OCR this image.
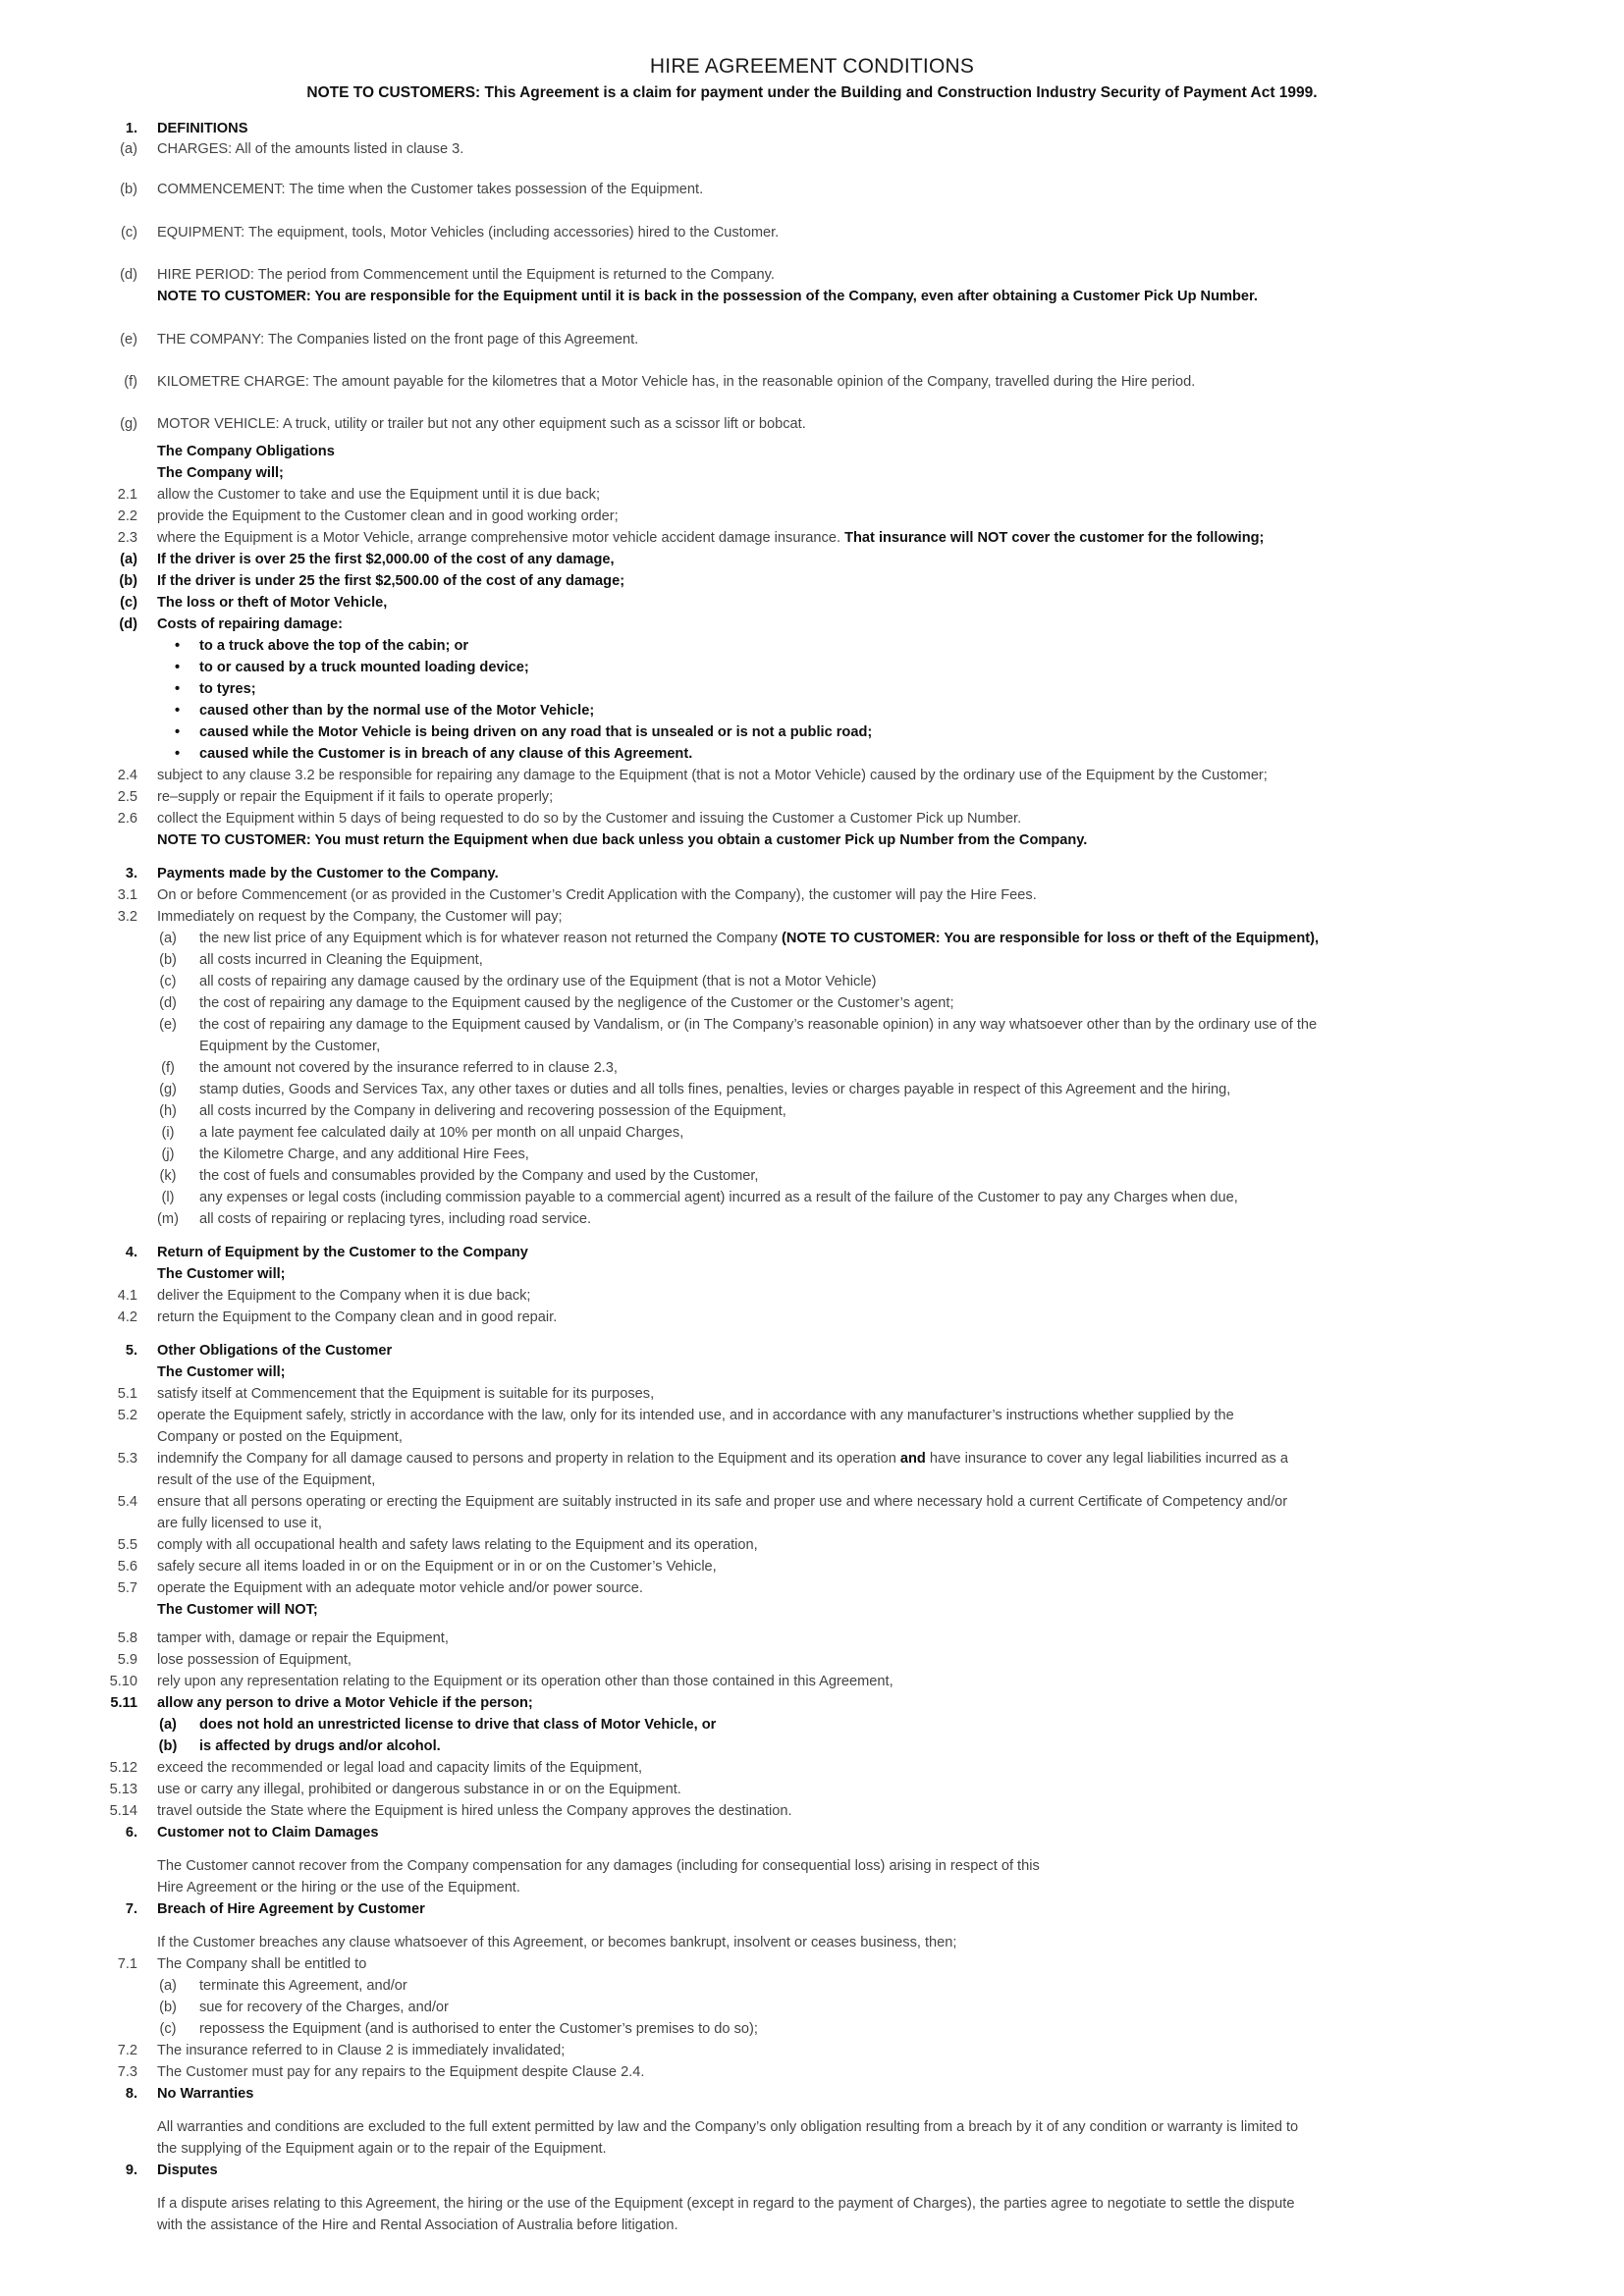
HIRE AGREEMENT CONDITIONS
NOTE TO CUSTOMERS: This Agreement is a claim for payment under the Building and Construction Industry Security of Payment Act 1999.
1. DEFINITIONS
(a) CHARGES: All of the amounts listed in clause 3.
(b) COMMENCEMENT: The time when the Customer takes possession of the Equipment.
(c) EQUIPMENT: The equipment, tools, Motor Vehicles (including accessories) hired to the Customer.
(d) HIRE PERIOD: The period from Commencement until the Equipment is returned to the Company.
NOTE TO CUSTOMER: You are responsible for the Equipment until it is back in the possession of the Company, even after obtaining a Customer Pick Up Number.
(e) THE COMPANY: The Companies listed on the front page of this Agreement.
(f) KILOMETRE CHARGE: The amount payable for the kilometres that a Motor Vehicle has, in the reasonable opinion of the Company, travelled during the Hire period.
(g) MOTOR VEHICLE: A truck, utility or trailer but not any other equipment such as a scissor lift or bobcat.
The Company Obligations
The Company will;
2.1 allow the Customer to take and use the Equipment until it is due back;
2.2 provide the Equipment to the Customer clean and in good working order;
2.3 where the Equipment is a Motor Vehicle, arrange comprehensive motor vehicle accident damage insurance. That insurance will NOT cover the customer for the following;
(a) If the driver is over 25 the first $2,000.00 of the cost of any damage,
(b) If the driver is under 25 the first $2,500.00 of the cost of any damage;
(c) The loss or theft of Motor Vehicle,
(d) Costs of repairing damage:
• to a truck above the top of the cabin; or
• to or caused by a truck mounted loading device;
• to tyres;
• caused other than by the normal use of the Motor Vehicle;
• caused while the Motor Vehicle is being driven on any road that is unsealed or is not a public road;
• caused while the Customer is in breach of any clause of this Agreement.
2.4 subject to any clause 3.2 be responsible for repairing any damage to the Equipment (that is not a Motor Vehicle) caused by the ordinary use of the Equipment by the Customer;
2.5 re–supply or repair the Equipment if it fails to operate properly;
2.6 collect the Equipment within 5 days of being requested to do so by the Customer and issuing the Customer a Customer Pick up Number.
NOTE TO CUSTOMER: You must return the Equipment when due back unless you obtain a customer Pick up Number from the Company.
3. Payments made by the Customer to the Company.
3.1 On or before Commencement (or as provided in the Customer’s Credit Application with the Company), the customer will pay the Hire Fees.
3.2 Immediately on request by the Company, the Customer will pay;
(a)	the new list price of any Equipment which is for whatever reason not returned the Company (NOTE TO CUSTOMER: You are responsible for loss or theft of the Equipment),
(b)	all costs incurred in Cleaning the Equipment,
(c)	all costs of repairing any damage caused by the ordinary use of the Equipment (that is not a Motor Vehicle)
(d)	the cost of repairing any damage to the Equipment caused by the negligence of the Customer or the Customer’s agent;
(e)	the cost of repairing any damage to the Equipment caused by Vandalism, or (in The Company’s reasonable opinion) in any way whatsoever other than by the ordinary use of the
Equipment by the Customer,
(f)	the amount not covered by the insurance referred to in clause 2.3,
(g)	stamp duties, Goods and Services Tax, any other taxes or duties and all tolls fines, penalties, levies or charges payable in respect of this Agreement and the hiring,
(h)	all costs incurred by the Company in delivering and recovering possession of the Equipment,
(i)	a late payment fee calculated daily at 10% per month on all unpaid Charges,
(j)	the Kilometre Charge, and any additional Hire Fees,
(k)	the cost of fuels and consumables provided by the Company and used by the Customer,
(l)	any expenses or legal costs (including commission payable to a commercial agent) incurred as a result of the failure of the Customer to pay any Charges when due,
(m)	all costs of repairing or replacing tyres, including road service.
4. Return of Equipment by the Customer to the Company
The Customer will;
4.1 deliver the Equipment to the Company when it is due back;
4.2 return the Equipment to the Company clean and in good repair.
5. Other Obligations of the Customer
The Customer will;
5.1 satisfy itself at Commencement that the Equipment is suitable for its purposes,
5.2 operate the Equipment safely, strictly in accordance with the law, only for its intended use, and in accordance with any manufacturer’s instructions whether supplied by the
Company or posted on the Equipment,
5.3 indemnify the Company for all damage caused to persons and property in relation to the Equipment and its operation and have insurance to cover any legal liabilities incurred as a
result of the use of the Equipment,
5.4 ensure that all persons operating or erecting the Equipment are suitably instructed in its safe and proper use and where necessary hold a current Certificate of Competency and/or
are fully licensed to use it,
5.5 comply with all occupational health and safety laws relating to the Equipment and its operation,
5.6 safely secure all items loaded in or on the Equipment or in or on the Customer’s Vehicle,
5.7 operate the Equipment with an adequate motor vehicle and/or power source.
The Customer will NOT;
5.8 tamper with, damage or repair the Equipment,
5.9 lose possession of Equipment,
5.10 rely upon any representation relating to the Equipment or its operation other than those contained in this Agreement,
5.11 allow any person to drive a Motor Vehicle if the person;
(a)	does not hold an unrestricted license to drive that class of Motor Vehicle, or
(b)	is affected by drugs and/or alcohol.
5.12 exceed the recommended or legal load and capacity limits of the Equipment,
5.13 use or carry any illegal, prohibited or dangerous substance in or on the Equipment.
5.14 travel outside the State where the Equipment is hired unless the Company approves the destination.
6. Customer not to Claim Damages
The Customer cannot recover from the Company compensation for any damages (including for consequential loss) arising in respect of this
Hire Agreement or the hiring or the use of the Equipment.
7. Breach of Hire Agreement by Customer
If the Customer breaches any clause whatsoever of this Agreement, or becomes bankrupt, insolvent or ceases business, then;
7.1 The Company shall be entitled to
(a)	terminate this Agreement, and/or
(b)	sue for recovery of the Charges, and/or
(c)	repossess the Equipment (and is authorised to enter the Customer’s premises to do so);
7.2 The insurance referred to in Clause 2 is immediately invalidated;
7.3 The Customer must pay for any repairs to the Equipment despite Clause 2.4.
8. No Warranties
All warranties and conditions are excluded to the full extent permitted by law and the Company’s only obligation resulting from a breach by it of any condition or warranty is limited to
the supplying of the Equipment again or to the repair of the Equipment.
9. Disputes
If a dispute arises relating to this Agreement, the hiring or the use of the Equipment (except in regard to the payment of Charges), the parties agree to negotiate to settle the dispute
with the assistance of the Hire and Rental Association of Australia before litigation.
